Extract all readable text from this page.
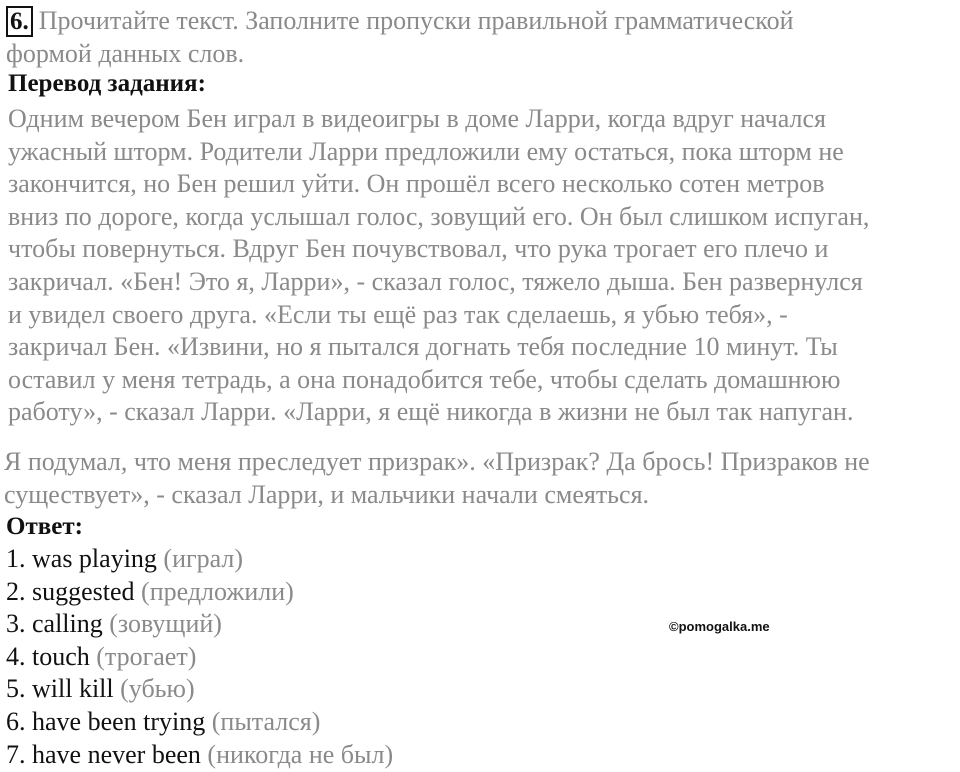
6. Прочитайте текст. Заполните пропуски правильной грамматической
формой данных слов.
Перевод задания:
Одним вечером Бен играл в видеоигры в доме Ларри, когда вдруг начался
ужасный шторм. Родители Ларри предложили ему остаться, пока шторм не
закончится, но Бен решил уйти. Он прошёл всего несколько сотен метров
вниз по дороге, когда услышал голос, зовущий его. Он был слишком испуган,
чтобы повернуться. Вдруг Бен почувствовал, что рука трогает его плечо и
закричал. «Бен! Это я, Ларри», - сказал голос, тяжело дыша. Бен развернулся
и увидел своего друга. «Если ты ещё раз так сделаешь, я убью тебя», -
закричал Бен. «Извини, но я пытался догнать тебя последние 10 минут. Ты
оставил у меня тетрадь, а она понадобится тебе, чтобы сделать домашнюю
работу», - сказал Ларри. «Ларри, я ещё никогда в жизни не был так напуган.
Я подумал, что меня преследует призрак». «Призрак? Да брось! Призраков не
существует», - сказал Ларри, и мальчики начали смеяться.
Ответ:
1. was playing (играл)
2. suggested (предложили)
3. calling (зовущий)
4. touch (трогает)
5. will kill (убью)
6. have been trying (пытался)
7. have never been (никогда не был)
©pomogalka.me
